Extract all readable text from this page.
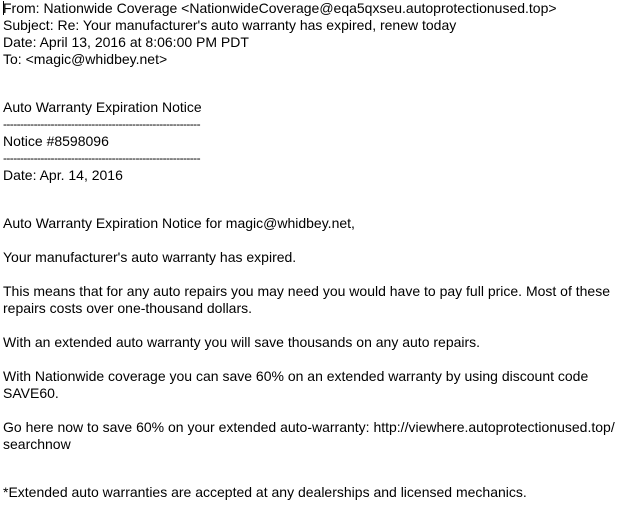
From: Nationwide Coverage <NationwideCoverage@eqa5qxseu.autoprotectionused.top>
Subject: Re: Your manufacturer's auto warranty has expired, renew today
Date: April 13, 2016 at 8:06:00 PM PDT
To: <magic@whidbey.net>
Auto Warranty Expiration Notice
----------------------------------------------------------
Notice #8598096
----------------------------------------------------------
Date: Apr. 14, 2016
Auto Warranty Expiration Notice for magic@whidbey.net,
Your manufacturer's auto warranty has expired.
This means that for any auto repairs you may need you would have to pay full price. Most of these
repairs costs over one-thousand dollars.
With an extended auto warranty you will save thousands on any auto repairs.
With Nationwide coverage you can save 60% on an extended warranty by using discount code
SAVE60.
Go here now to save 60% on your extended auto-warranty: http://viewhere.autoprotectionused.top/
searchnow
*Extended auto warranties are accepted at any dealerships and licensed mechanics.
